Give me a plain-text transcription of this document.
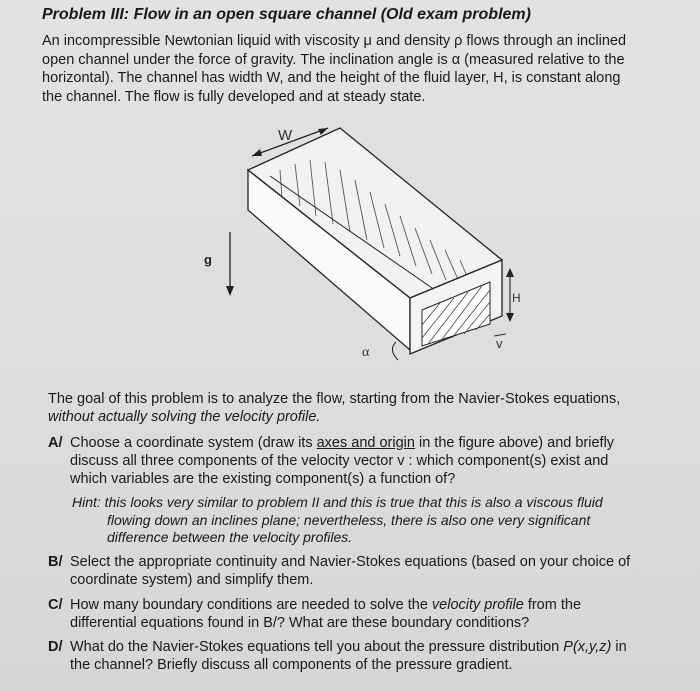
Problem III: Flow in an open square channel (Old exam problem)
An incompressible Newtonian liquid with viscosity μ and density ρ flows through an inclined
open channel under the force of gravity. The inclination angle is α (measured relative to the
horizontal). The channel has width W, and the height of the fluid layer, H, is constant along
the channel. The flow is fully developed and at steady state.
W
H
g
α
v
The goal of this problem is to analyze the flow, starting from the Navier-Stokes equations,
without actually solving the velocity profile.
A/ Choose a coordinate system (draw its axes and origin in the figure above) and briefly
discuss all three components of the velocity vector v : which component(s) exist and
which variables are the existing component(s) a function of?
Hint: this looks very similar to problem II and this is true that this is also a viscous fluid
flowing down an inclines plane; nevertheless, there is also one very significant
difference between the velocity profiles.
B/ Select the appropriate continuity and Navier-Stokes equations (based on your choice of
coordinate system) and simplify them.
C/ How many boundary conditions are needed to solve the velocity profile from the
differential equations found in B/? What are these boundary conditions?
D/ What do the Navier-Stokes equations tell you about the pressure distribution P(x,y,z) in
the channel? Briefly discuss all components of the pressure gradient.
